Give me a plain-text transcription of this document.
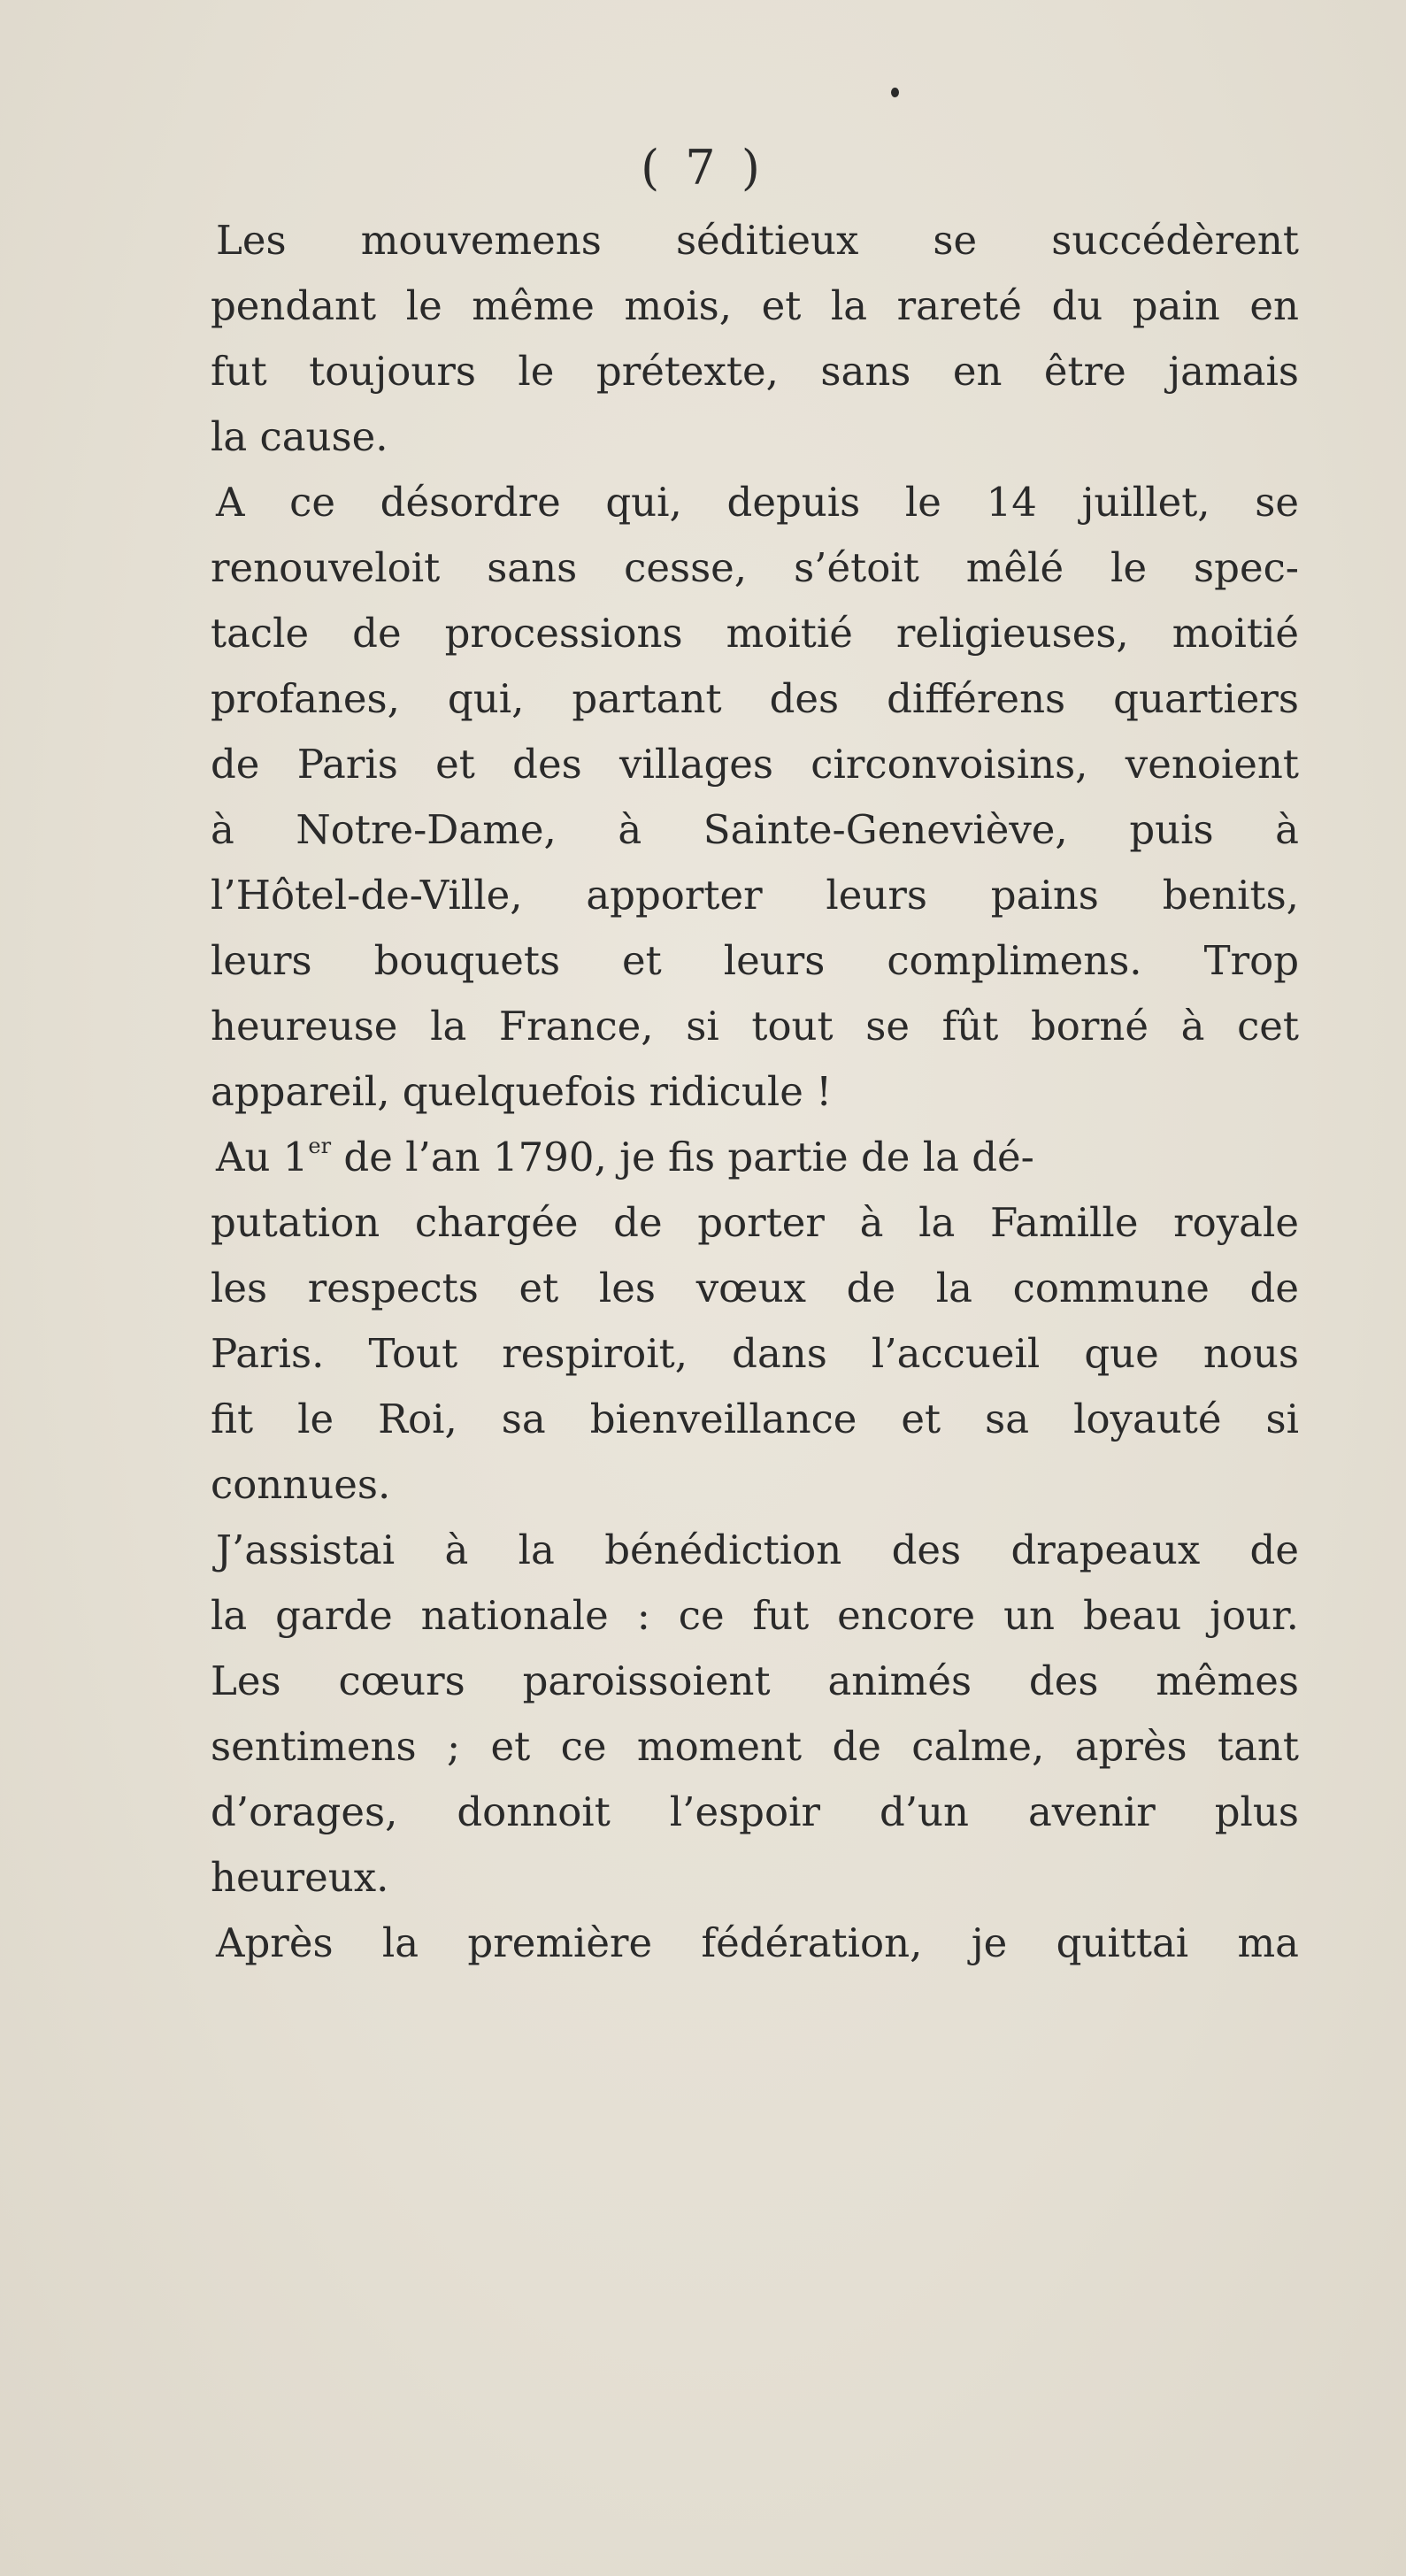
( 7 )

Les mouvemens séditieux se succédèrent
pendant le même mois, et la rareté du pain en
fut toujours le prétexte, sans en être jamais
la cause.
A ce désordre qui, depuis le 14 juillet, se
renouveloit sans cesse, s’étoit mêlé le spec-
tacle de processions moitié religieuses, moitié
profanes, qui, partant des différens quartiers
de Paris et des villages circonvoisins, venoient
à Notre-Dame, à Sainte-Geneviève, puis à
l’Hôtel-de-Ville, apporter leurs pains benits,
leurs bouquets et leurs complimens. Trop
heureuse la France, si tout se fût borné à cet
appareil, quelquefois ridicule !
Au 1er de l’an 1790, je fis partie de la dé-
putation chargée de porter à la Famille royale
les respects et les vœux de la commune de
Paris. Tout respiroit, dans l’accueil que nous
fit le Roi, sa bienveillance et sa loyauté si
connues.
J’assistai à la bénédiction des drapeaux de
la garde nationale : ce fut encore un beau jour.
Les cœurs paroissoient animés des mêmes
sentimens ; et ce moment de calme, après tant
d’orages, donnoit l’espoir d’un avenir plus
heureux.
Après la première fédération, je quittai ma
